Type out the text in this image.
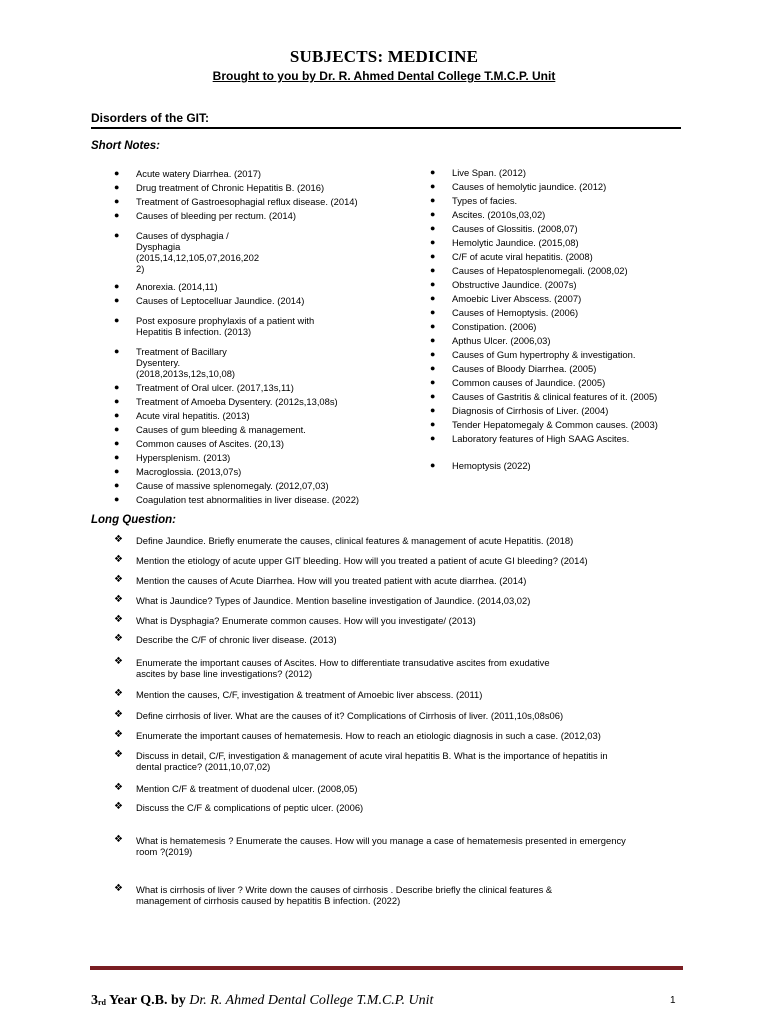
SUBJECTS: MEDICINE
Brought to you by Dr. R. Ahmed Dental College T.M.C.P. Unit
Disorders of the GIT:
Short Notes:
● Acute watery Diarrhea. (2017)
● Drug treatment of Chronic Hepatitis B. (2016)
● Treatment of Gastroesophagial reflux disease. (2014)
● Causes of bleeding per rectum. (2014)
● Causes of dysphagia /
Dysphagia
(2015,14,12,105,07,2016,202
2)
● Anorexia. (2014,11)
● Causes of Leptocelluar Jaundice. (2014)
● Post exposure prophylaxis of a patient with
Hepatitis B infection. (2013)
● Treatment of Bacillary
Dysentery.
(2018,2013s,12s,10,08)
● Treatment of Oral ulcer. (2017,13s,11)
● Treatment of Amoeba Dysentery. (2012s,13,08s)
● Acute viral hepatitis. (2013)
● Causes of gum bleeding & management.
● Common causes of Ascites. (20,13)
● Hypersplenism. (2013)
● Macroglossia. (2013,07s)
● Cause of massive splenomegaly. (2012,07,03)
● Coagulation test abnormalities in liver disease. (2022)
● Live Span. (2012)
● Causes of hemolytic jaundice. (2012)
● Types of facies.
● Ascites. (2010s,03,02)
● Causes of Glossitis. (2008,07)
● Hemolytic Jaundice. (2015,08)
● C/F of acute viral hepatitis. (2008)
● Causes of Hepatosplenomegali. (2008,02)
● Obstructive Jaundice. (2007s)
● Amoebic Liver Abscess. (2007)
● Causes of Hemoptysis. (2006)
● Constipation. (2006)
● Apthus Ulcer. (2006,03)
● Causes of Gum hypertrophy & investigation.
● Causes of Bloody Diarrhea. (2005)
● Common causes of Jaundice. (2005)
● Causes of Gastritis & clinical features of it. (2005)
● Diagnosis of Cirrhosis of Liver. (2004)
● Tender Hepatomegaly & Common causes. (2003)
● Laboratory features of High SAAG Ascites.
● Hemoptysis (2022)
Long Question:
❖ Define Jaundice. Briefly enumerate the causes, clinical features & management of acute Hepatitis. (2018)
❖ Mention the etiology of acute upper GIT bleeding. How will you treated a patient of acute GI bleeding? (2014)
❖ Mention the causes of Acute Diarrhea. How will you treated patient with acute diarrhea. (2014)
❖ What is Jaundice? Types of Jaundice. Mention baseline investigation of Jaundice. (2014,03,02)
❖ What is Dysphagia? Enumerate common causes. How will you investigate/ (2013)
❖ Describe the C/F of chronic liver disease. (2013)
❖ Enumerate the important causes of Ascites. How to differentiate transudative ascites from exudative
ascites by base line investigations? (2012)
❖ Mention the causes, C/F, investigation & treatment of Amoebic liver abscess. (2011)
❖ Define cirrhosis of liver. What are the causes of it? Complications of Cirrhosis of liver. (2011,10s,08s06)
❖ Enumerate the important causes of hematemesis. How to reach an etiologic diagnosis in such a case. (2012,03)
❖ Discuss in detail, C/F, investigation & management of acute viral hepatitis B. What is the importance of hepatitis in
dental practice? (2011,10,07,02)
❖ Mention C/F & treatment of duodenal ulcer. (2008,05)
❖ Discuss the C/F & complications of peptic ulcer. (2006)
❖ What is hematemesis ? Enumerate the causes. How will you manage a case of hematemesis presented in emergency
room ?(2019)
❖ What is cirrhosis of liver ? Write down the causes of cirrhosis . Describe briefly the clinical features &
management of cirrhosis caused by hepatitis B infection. (2022)
$3_{rd}$ Year Q.B. by Dr. R. Ahmed Dental College T.M.C.P. Unit	1
